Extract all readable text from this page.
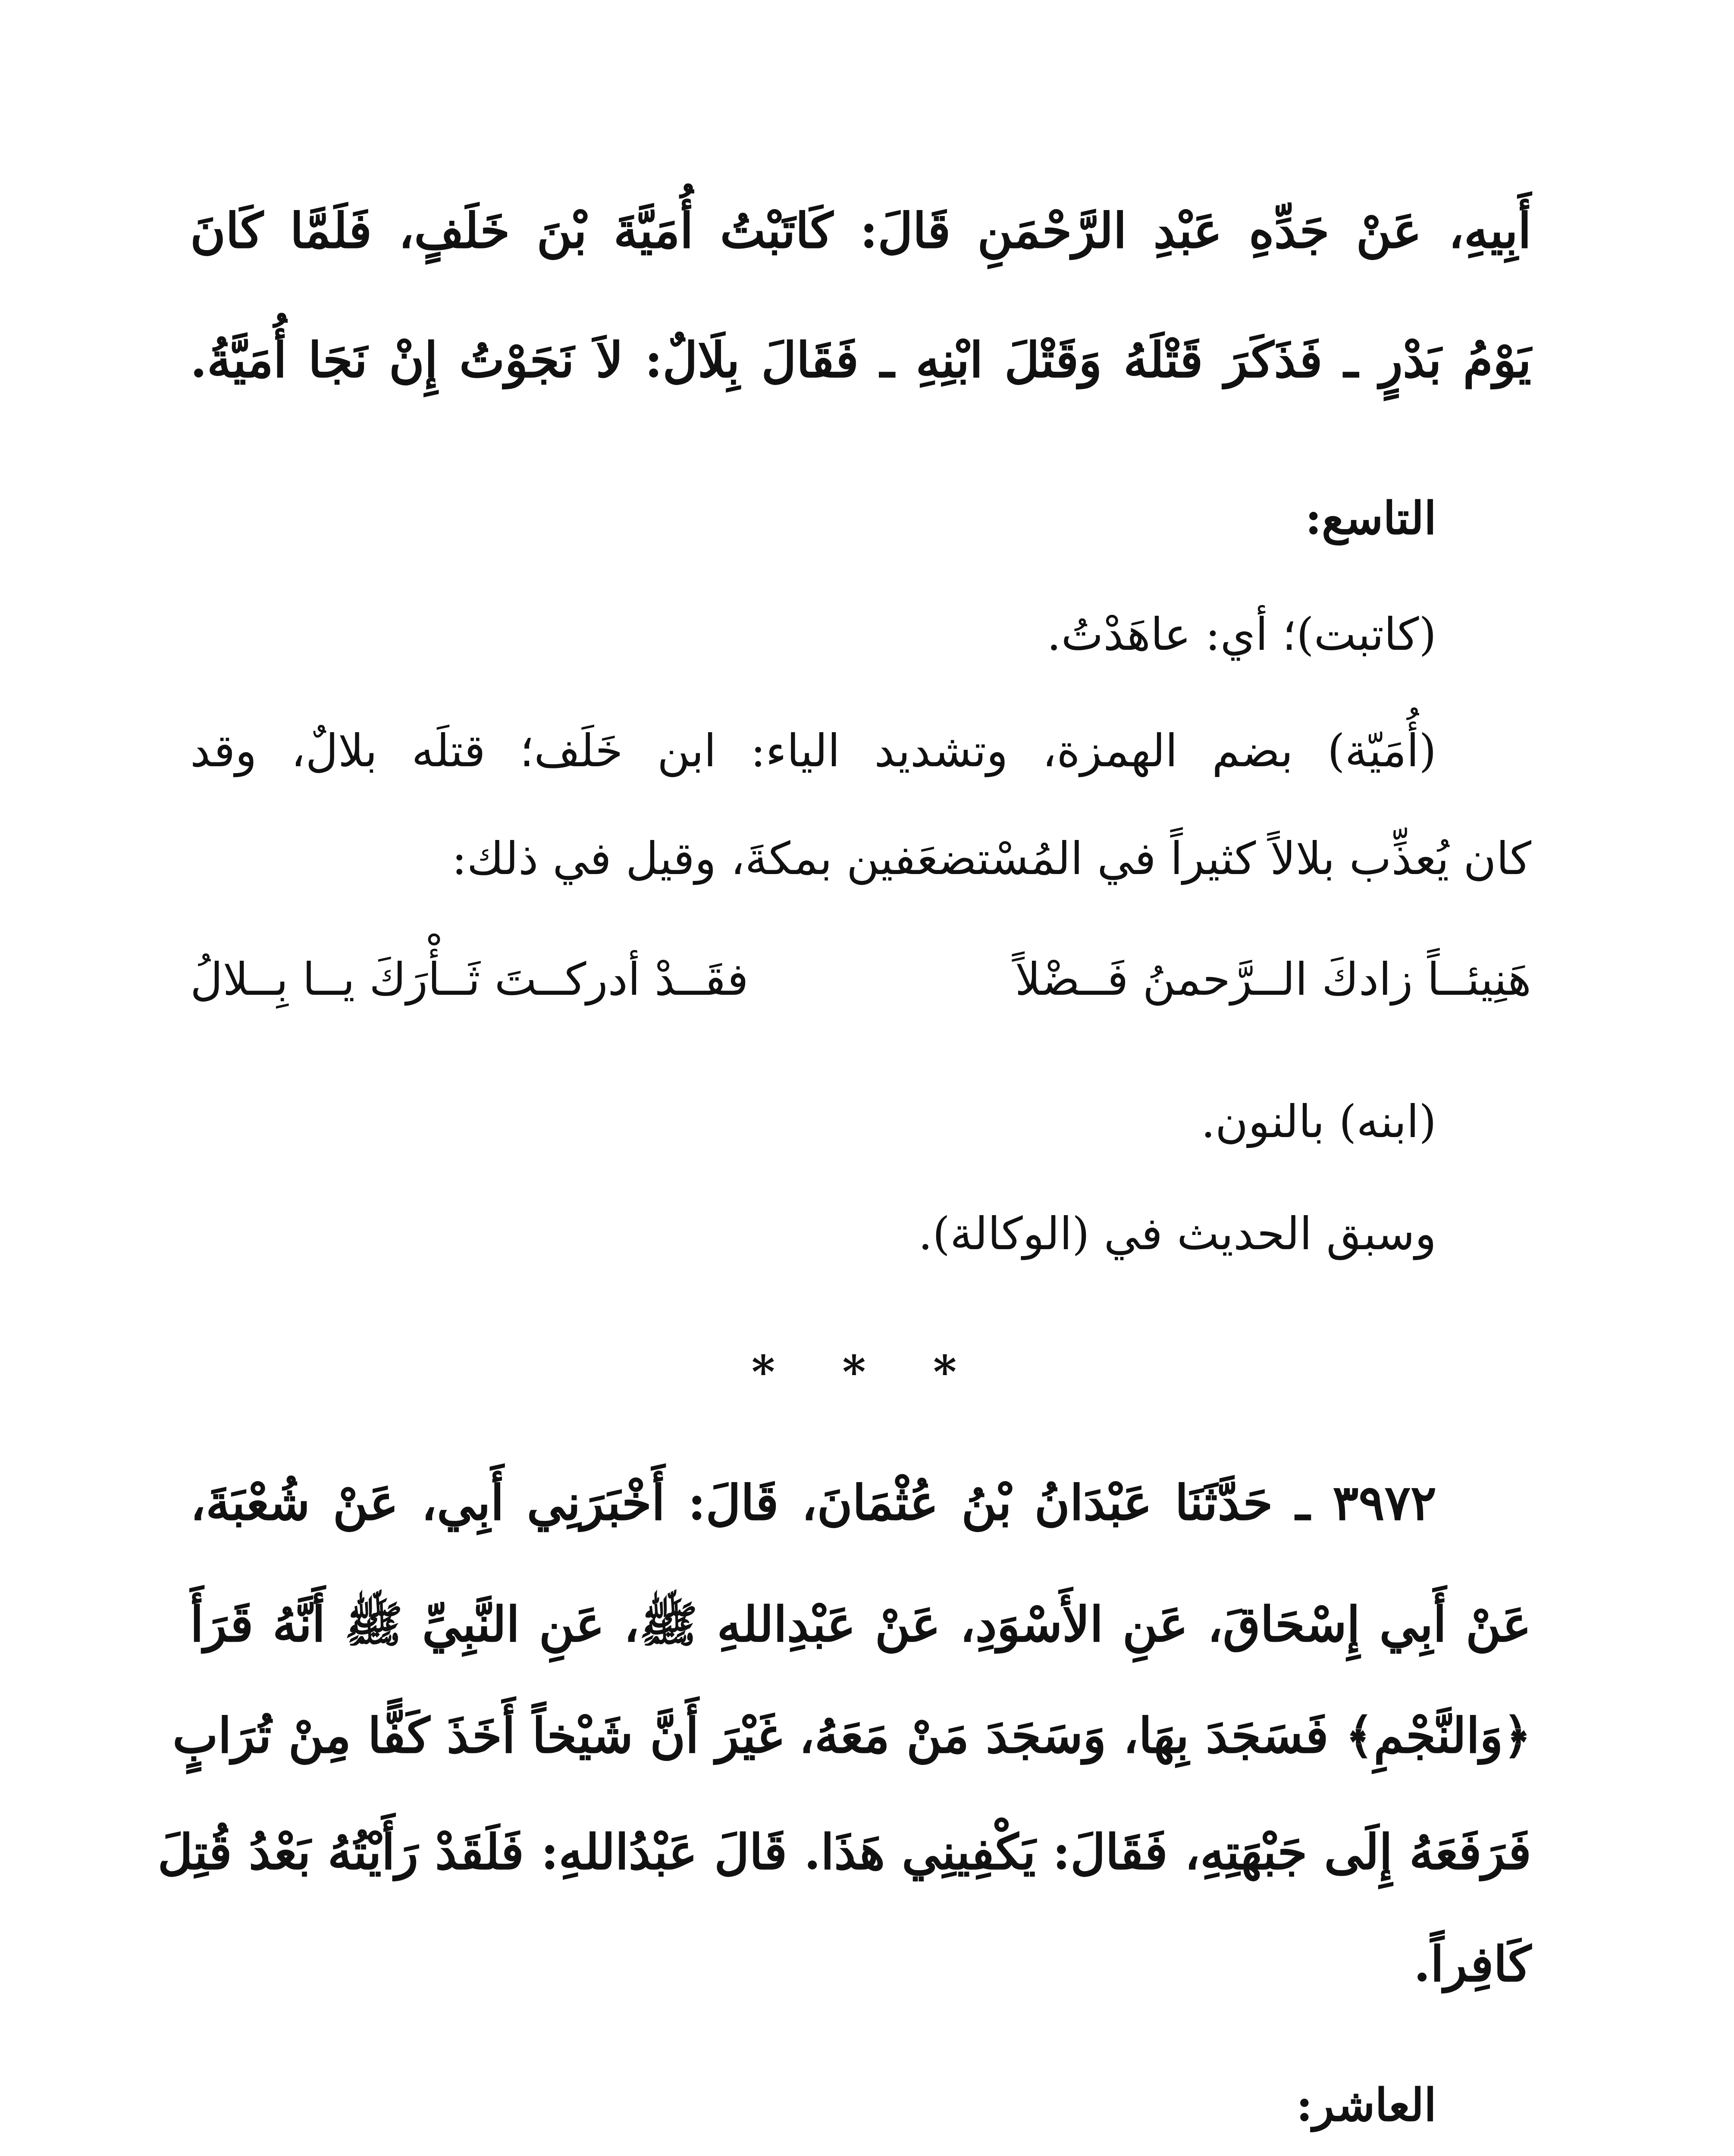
أَبِيهِ، عَنْ جَدِّهِ عَبْدِ الرَّحْمَنِ قَالَ: كَاتَبْتُ أُمَيَّةَ بْنَ خَلَفٍ، فَلَمَّا كَانَ
يَوْمُ بَدْرٍ ـ فَذَكَرَ قَتْلَهُ وَقَتْلَ ابْنِهِ ـ فَقَالَ بِلَالٌ: لاَ نَجَوْتُ إِنْ نَجَا أُمَيَّةُ.
التاسع:
(كاتبت)؛ أي: عاهَدْتُ.
(أُمَيّة) بضم الهمزة، وتشديد الياء: ابن خَلَف؛ قتلَه بلالٌ، وقد
كان يُعذِّب بلالاً كثيراً في المُسْتضعَفين بمكةَ، وقيل في ذلك:
هَنِيئــاً زادكَ الــرَّحمنُ فَــضْلاً
فقَــدْ أدركــتَ ثَــأْرَكَ يــا بِــلالُ
(ابنه) بالنون.
وسبق الحديث في (الوكالة).
* * *
٣٩٧٢ ـ حَدَّثَنَا عَبْدَانُ بْنُ عُثْمَانَ، قَالَ: أَخْبَرَنِي أَبِي، عَنْ شُعْبَةَ،
عَنْ أَبِي إِسْحَاقَ، عَنِ الأَسْوَدِ، عَنْ عَبْدِاللهِ ﷺ، عَنِ النَّبِيِّ ﷺ أَنَّهُ قَرَأَ
﴿وَالنَّجْمِ﴾ فَسَجَدَ بِهَا، وَسَجَدَ مَنْ مَعَهُ، غَيْرَ أَنَّ شَيْخاً أَخَذَ كَفًّا مِنْ تُرَابٍ
فَرَفَعَهُ إِلَى جَبْهَتِهِ، فَقَالَ: يَكْفِينِي هَذَا. قَالَ عَبْدُاللهِ: فَلَقَدْ رَأَيْتُهُ بَعْدُ قُتِلَ
كَافِراً.
العاشر:
